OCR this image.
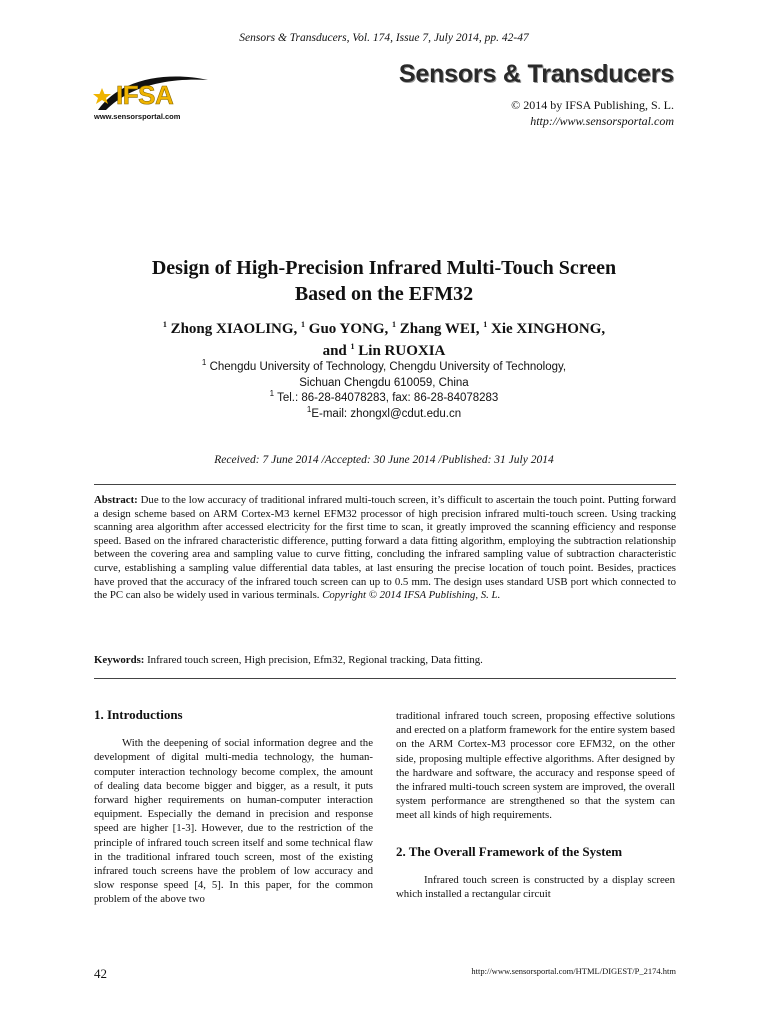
Sensors & Transducers, Vol. 174, Issue 7, July 2014, pp. 42-47
IFSA
www.sensorsportal.com
Sensors & Transducers
© 2014 by IFSA Publishing, S. L.
http://www.sensorsportal.com
Design of High-Precision Infrared Multi-Touch Screen
Based on the EFM32
$^1$ Zhong XIAOLING, $^1$ Guo YONG, $^1$ Zhang WEI, $^1$ Xie XINGHONG,
and $^1$ Lin RUOXIA
$^1$ Chengdu University of Technology, Chengdu University of Technology,
Sichuan Chengdu 610059, China
$^1$ Tel.: 86-28-84078283, fax: 86-28-84078283
$^1$E-mail: zhongxl@cdut.edu.cn
Received: 7 June 2014 /Accepted: 30 June 2014 /Published: 31 July 2014
Abstract: Due to the low accuracy of traditional infrared multi-touch screen, it’s difficult to ascertain the touch point. Putting forward a design scheme based on ARM Cortex-M3 kernel EFM32 processor of high precision infrared multi-touch screen. Using tracking scanning area algorithm after accessed electricity for the first time to scan, it greatly improved the scanning efficiency and response speed. Based on the infrared characteristic difference, putting forward a data fitting algorithm, employing the subtraction relationship between the covering area and sampling value to curve fitting, concluding the infrared sampling value of subtraction characteristic curve, establishing a sampling value differential data tables, at last ensuring the precise location of touch point. Besides, practices have proved that the accuracy of the infrared touch screen can up to 0.5 mm. The design uses standard USB port which connected to the PC can also be widely used in various terminals. Copyright © 2014 IFSA Publishing, S. L.
Keywords: Infrared touch screen, High precision, Efm32, Regional tracking, Data fitting.
1. Introductions

With the deepening of social information degree and the development of digital multi-media technology, the human-computer interaction technology become complex, the amount of dealing data become bigger and bigger, as a result, it puts forward higher requirements on human-computer interaction equipment. Especially the demand in precision and response speed are higher [1-3]. However, due to the restriction of the principle of infrared touch screen itself and some technical flaw in the traditional infrared touch screen, most of the existing infrared touch screens have the problem of low accuracy and slow response speed [4, 5]. In this paper, for the common problem of the above two

traditional infrared touch screen, proposing effective solutions and erected on a platform framework for the entire system based on the ARM Cortex-M3 processor core EFM32, on the other side, proposing multiple effective algorithms. After designed by the hardware and software, the accuracy and response speed of the infrared multi-touch screen system are improved, the overall system performance are strengthened so that the system can meet all kinds of high requirements.

2. The Overall Framework of the System

Infrared touch screen is constructed by a display screen which installed a rectangular circuit

42	http://www.sensorsportal.com/HTML/DIGEST/P_2174.htm
